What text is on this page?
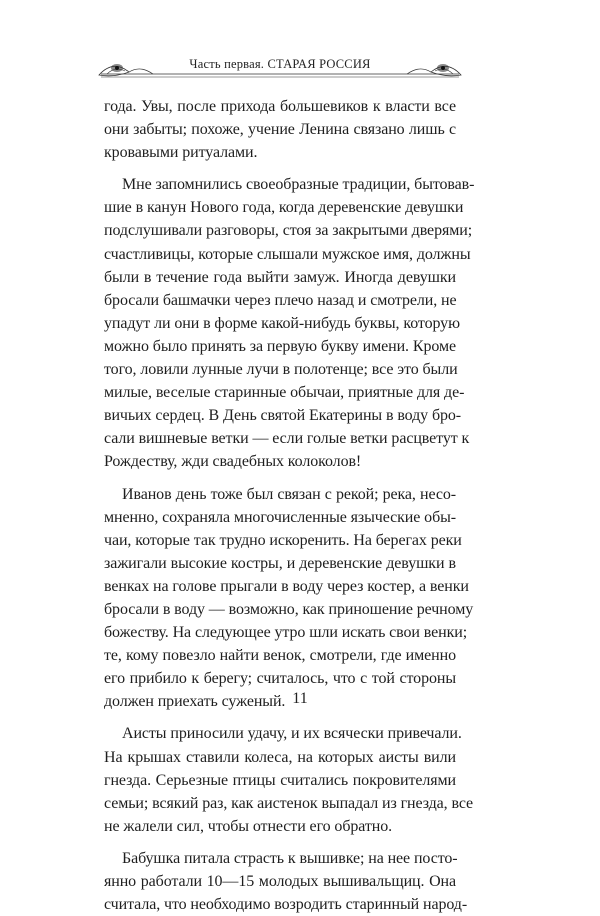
Часть первая. СТАРАЯ РОССИЯ
года. Увы, после прихода большевиков к власти все
они забыты; похоже, учение Ленина связано лишь с
кровавыми ритуалами.
Мне запомнились своеобразные традиции, бытовав-
шие в канун Нового года, когда деревенские девушки
подслушивали разговоры, стоя за закрытыми дверями;
счастливицы, которые слышали мужское имя, должны
были в течение года выйти замуж. Иногда девушки
бросали башмачки через плечо назад и смотрели, не
упадут ли они в форме какой-нибудь буквы, которую
можно было принять за первую букву имени. Кроме
того, ловили лунные лучи в полотенце; все это были
милые, веселые старинные обычаи, приятные для де-
вичьих сердец. В День святой Екатерины в воду бро-
сали вишневые ветки — если голые ветки расцветут к
Рождеству, жди свадебных колоколов!
Иванов день тоже был связан с рекой; река, несо-
мненно, сохраняла многочисленные языческие обы-
чаи, которые так трудно искоренить. На берегах реки
зажигали высокие костры, и деревенские девушки в
венках на голове прыгали в воду через костер, а венки
бросали в воду — возможно, как приношение речному
божеству. На следующее утро шли искать свои венки;
те, кому повезло найти венок, смотрели, где именно
его прибило к берегу; считалось, что с той стороны
должен приехать суженый.
Аисты приносили удачу, и их всячески привечали.
На крышах ставили колеса, на которых аисты вили
гнезда. Серьезные птицы считались покровителями
семьи; всякий раз, как аистенок выпадал из гнезда, все
не жалели сил, чтобы отнести его обратно.
Бабушка питала страсть к вышивке; на нее посто-
янно работали 10—15 молодых вышивальщиц. Она
считала, что необходимо возродить старинный народ-
11
